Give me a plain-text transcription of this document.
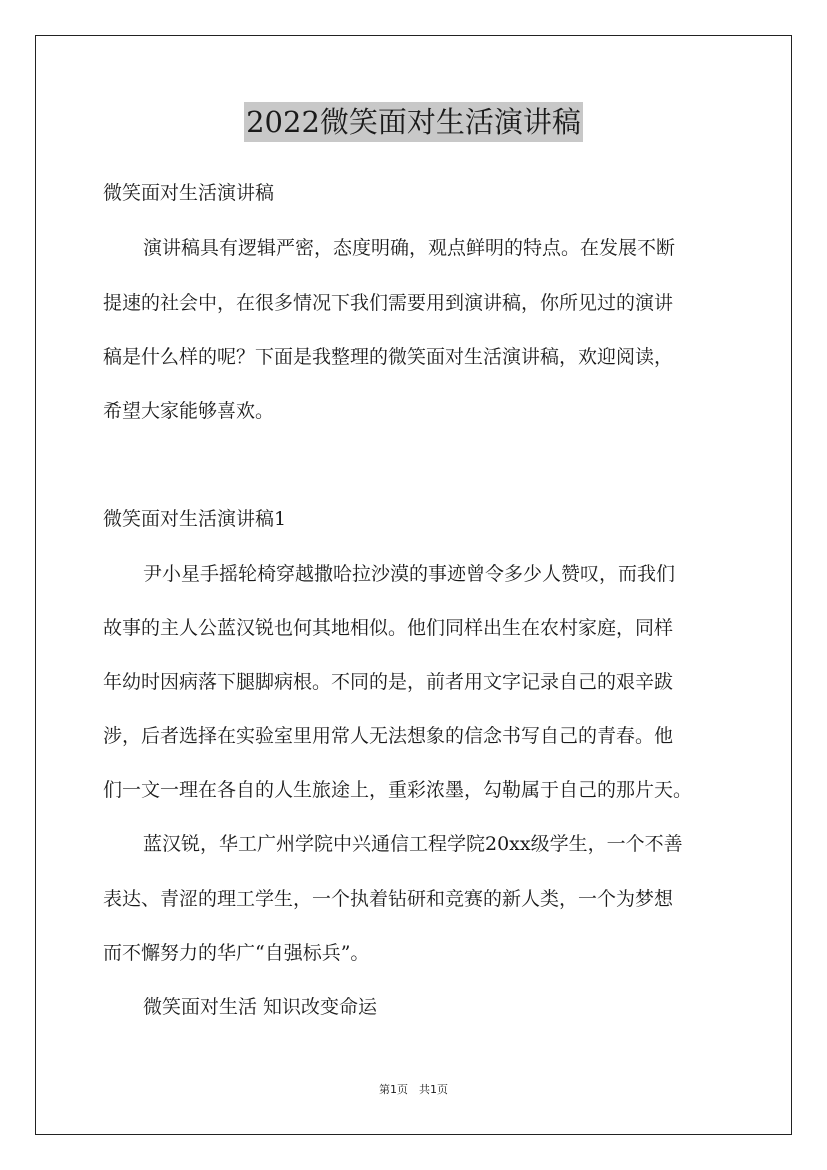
2022微笑面对生活演讲稿
微笑面对生活演讲稿
演讲稿具有逻辑严密，态度明确，观点鲜明的特点。在发展不断
提速的社会中，在很多情况下我们需要用到演讲稿，你所见过的演讲
稿是什么样的呢？下面是我整理的微笑面对生活演讲稿，欢迎阅读，
希望大家能够喜欢。
微笑面对生活演讲稿1
尹小星手摇轮椅穿越撒哈拉沙漠的事迹曾令多少人赞叹，而我们
故事的主人公蓝汉锐也何其地相似。他们同样出生在农村家庭，同样
年幼时因病落下腿脚病根。不同的是，前者用文字记录自己的艰辛跋
涉，后者选择在实验室里用常人无法想象的信念书写自己的青春。他
们一文一理在各自的人生旅途上，重彩浓墨，勾勒属于自己的那片天。
蓝汉锐，华工广州学院中兴通信工程学院20xx级学生，一个不善
表达、青涩的理工学生，一个执着钻研和竞赛的新人类，一个为梦想
而不懈努力的华广“自强标兵”。
微笑面对生活 知识改变命运
第1页　共1页
